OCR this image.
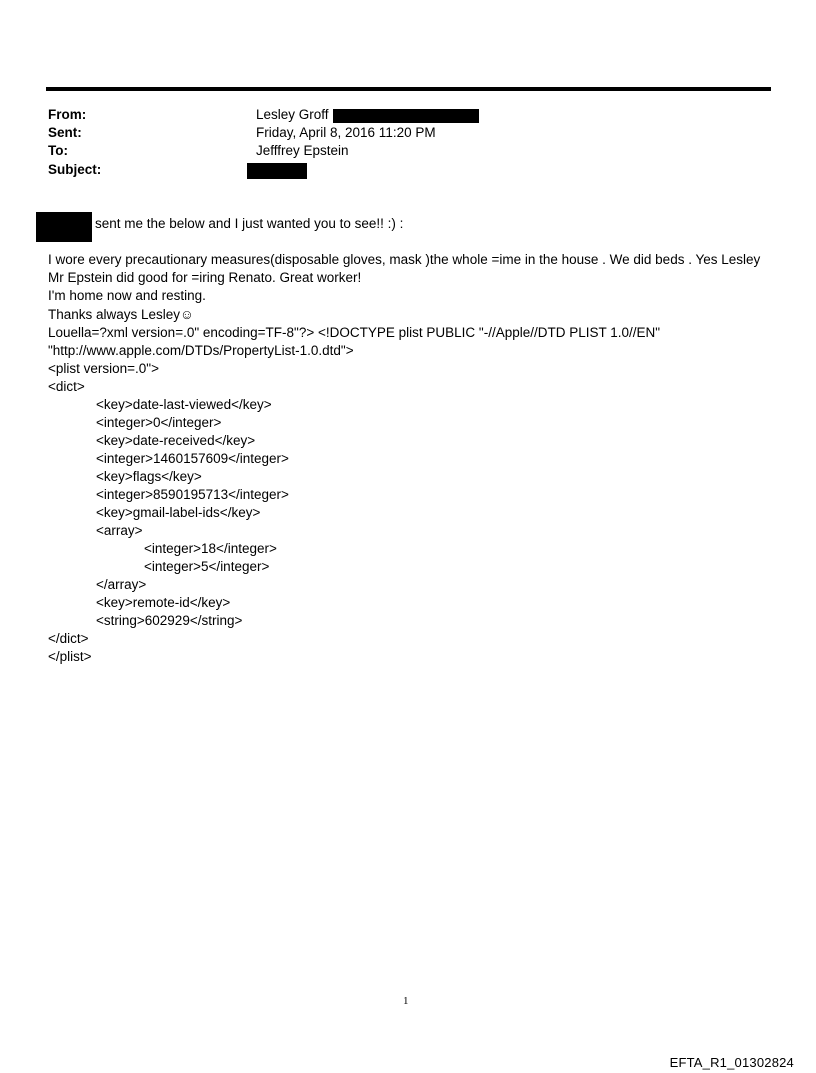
From:	Lesley Groff
Sent:	Friday, April 8, 2016 11:20 PM
To:	Jefffrey Epstein
Subject:
sent me the below and I just wanted you to see!! :) :
I wore every precautionary measures(disposable gloves, mask )the whole =ime in the house . We did beds . Yes Lesley
Mr Epstein did good for =iring Renato. Great worker!
I'm home now and resting.
Thanks always Lesley☺
Louella=?xml version=.0" encoding=TF-8"?> <!DOCTYPE plist PUBLIC "-//Apple//DTD PLIST 1.0//EN"
"http://www.apple.com/DTDs/PropertyList-1.0.dtd">
<plist version=.0">
<dict>
<key>date-last-viewed</key>
<integer>0</integer>
<key>date-received</key>
<integer>1460157609</integer>
<key>flags</key>
<integer>8590195713</integer>
<key>gmail-label-ids</key>
<array>
<integer>18</integer>
<integer>5</integer>
</array>
<key>remote-id</key>
<string>602929</string>
</dict>
</plist>
1
EFTA_R1_01302824
